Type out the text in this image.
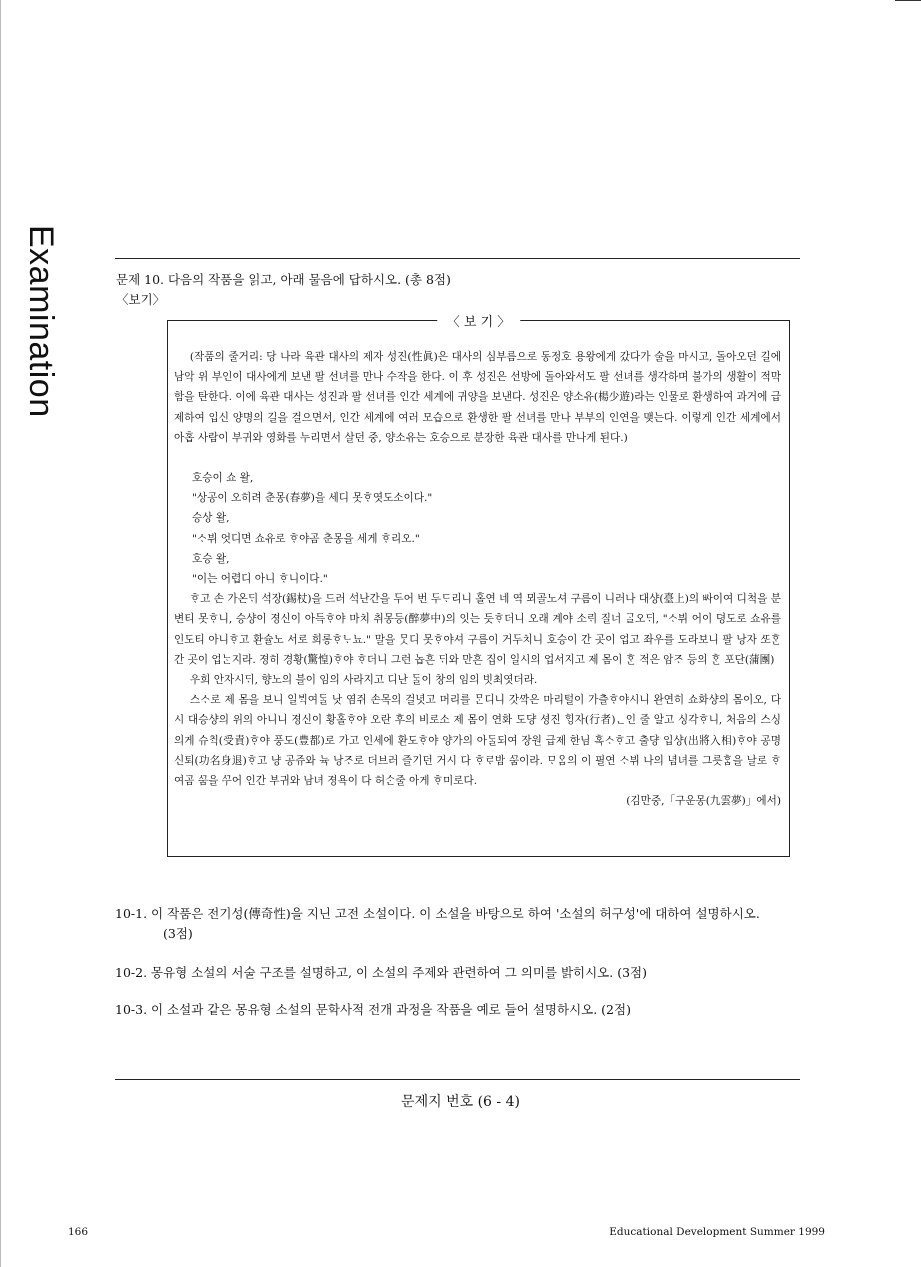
Examination	문제 10. 다음의 작품을 읽고, 아래 물음에 답하시오. (총 8점)
〈보기〉
〈 보 기 〉

(작품의 줄거리: 당 나라 육관 대사의 제자 성진(性眞)은 대사의 심부름으로 동정호 용왕에게 갔다가 술을 마시고, 돌아오던 길에 남악 위 부인이 대사에게 보낸 팔 선녀를 만나 수작을 한다. 이 후 성진은 선방에 돌아와서도 팔 선녀를 생각하며 불가의 생활이 적막함을 탄한다. 이에 육관 대사는 성진과 팔 선녀를 인간 세계에 귀양을 보낸다. 성진은 양소유(楊少遊)라는 인물로 환생하여 과거에 급제하여 입신 양명의 길을 걸으면서, 인간 세계에 여러 모습으로 환생한 팔 선녀를 만나 부부의 인연을 맺는다. 이렇게 인간 세계에서 아홉 사람이 부귀와 영화를 누리면서 살던 중, 양소유는 호승으로 분장한 육관 대사를 만나게 된다.)

호승이 쇼 왈,

"상공이 오히려 춘몽(春夢)을 세디 못ᄒᆞ엿도소이다."

승상 왈,

"ᄉᆞ뷔 엇디면 쇼유로 ᄒᆞ야곰 춘몽을 세게 ᄒᆞ리오."

호승 왈,

"이는 어렵디 아니 ᄒᆞ니이다."

ᄒᆞ고 손 가온ᄃᆡ 석장(錫杖)을 드러 석난간을 두어 번 두ᄃᆞ리니 홀연 네 역 뫼골노셔 구름이 니러나 대샹(臺上)의 ᄡᅡ이여 디척을 분변티 못ᄒᆞ니, 승샹이 졍신이 아득ᄒᆞ야 마치 취몽등(醉夢中)의 잇는 듯ᄒᆞ더니 오래 계야 소ᄅᆡ 질너 ᄀᆞᆯ오ᄃᆡ, "ᄉᆞ뷔 어이 뎡도로 쇼유를 인도티 아니ᄒᆞ고 환슐노 서로 희롱ᄒᆞᄂᆞ뇨." 말을 ᄆᆞᆺ디 못ᄒᆞ야셔 구름이 거두치니 호승이 간 곳이 업고 좌우를 도라보니 팔 낭자 ᄯᅩᄒᆞᆫ 간 곳이 업ᄂᆞᆫ지라. 졍히 경황(驚惶)ᄒᆞ야 ᄒᆞ더니 그런 놉흔 ᄃᆡ와 만흔 집이 일시의 업서지고 제 몸이 ᄒᆞᆫ 적은 암ᄌᆞ 등의 ᄒᆞᆫ 포단(蒲團)

우희 안자시ᄃᆡ, 향노의 블이 임의 사라지고 디난 ᄃᆞᆯ이 창의 임의 빗최엿더라.

스ᄉᆞ로 제 몸을 보니 일ᄇᆡᆨ여ᄃᆞᆯ 낫 염쥐 손목의 걸녓고 머리를 ᄆᆞᆫ디니 갓ᄭᅡᆨ은 마리털이 가츨ᄒᆞ야시니 완연히 쇼화샹의 몸이오, 다시 대승샹의 위의 아니니 졍신이 황홀ᄒᆞ야 오란 후의 비로소 제 몸이 연화 도댱 셩진 ᄒᆡᆼ자(行者)ᆫ인 줄 알고 싱각ᄒᆞ니, 처음의 스싱의게 슈ᄎᆡᆨ(受責)ᄒᆞ야 풍도(豊都)로 가고 인세에 환도ᄒᆞ야 양가의 아ᄃᆞᆯ되여 장원 급제 한님 혹ᄉᆞᄒᆞ고 출댱 입샹(出將入相)ᄒᆞ야 공명 신퇴(功名身退)ᄒᆞ고 냥 공쥬와 뉵 낭ᄌᆞ로 더브러 즐기던 거시 다 ᄒᆞᄅᆞ밤 ᄭᅮᆷ이라. ᄆᆞᄋᆞᆷ의 이 필연 ᄉᆞ뷔 나의 념녀를 그릇ᄒᆞᆷ을 날로 ᄒᆞ여곰 ᄭᅮᆷ을 ᄭᅮ어 인간 부귀와 남녀 졍욕이 다 허ᄉᆞᆫ줄 아게 ᄒᆞ미로다.

(김만중,「구운몽(九雲夢)」에서)

10-1. 이 작품은 전기성(傳奇性)을 지닌 고전 소설이다. 이 소설을 바탕으로 하여 '소설의 허구성'에 대하여 설명하시오.

(3점)

10-2. 몽유형 소설의 서술 구조를 설명하고, 이 소설의 주제와 관련하여 그 의미를 밝히시오. (3점)

10-3. 이 소설과 같은 몽유형 소설의 문학사적 전개 과정을 작품을 예로 들어 설명하시오. (2점)

문제지 번호 (6 - 4)
166	Educational Development Summer 1999
